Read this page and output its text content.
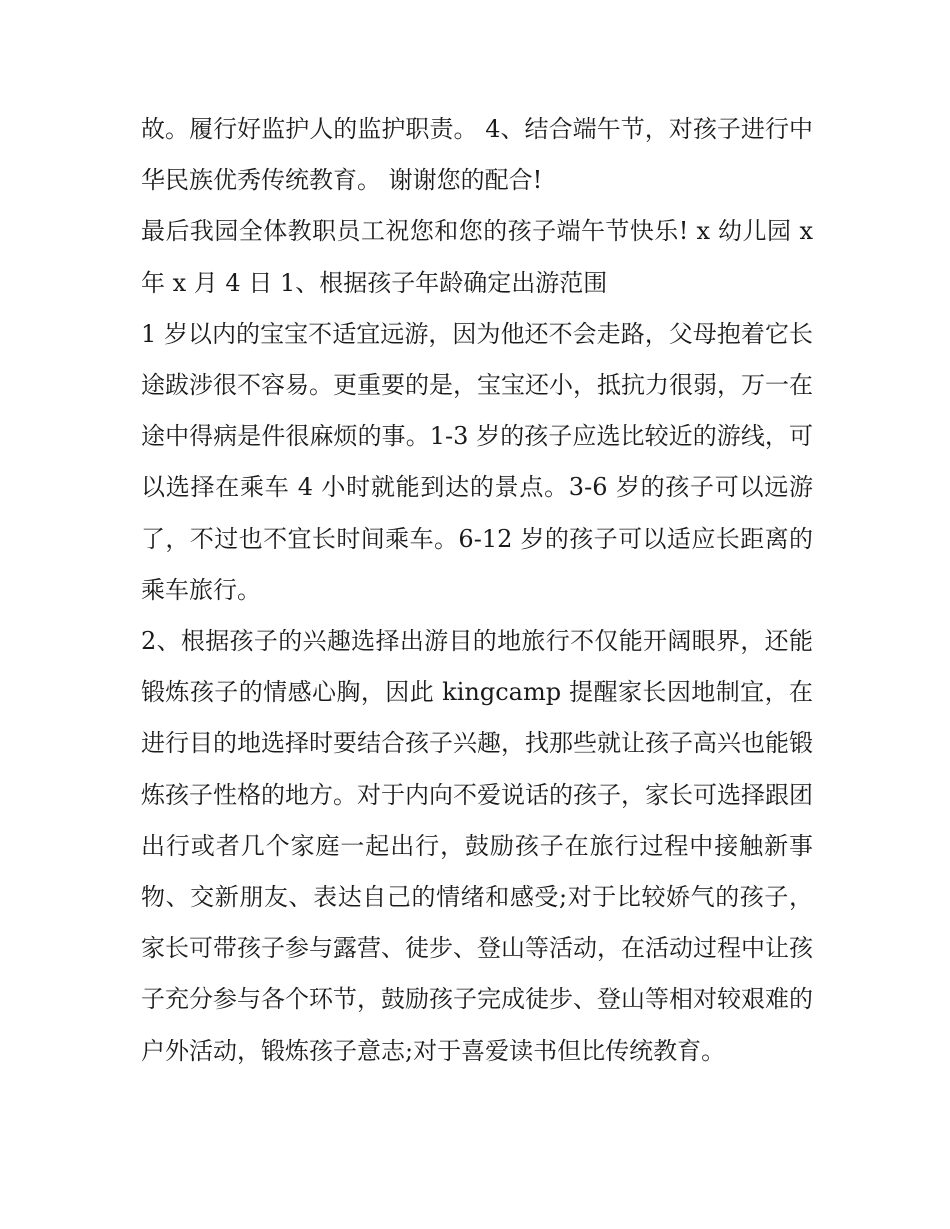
故。履行好监护人的监护职责。 4、结合端午节，对孩子进行中华民族优秀传统教育。 谢谢您的配合!

最后我园全体教职员工祝您和您的孩子端午节快乐! x 幼儿园 x 年 x 月 4 日 1、根据孩子年龄确定出游范围

1 岁以内的宝宝不适宜远游，因为他还不会走路，父母抱着它长途跋涉很不容易。更重要的是，宝宝还小，抵抗力很弱，万一在途中得病是件很麻烦的事。1-3 岁的孩子应选比较近的游线，可以选择在乘车 4 小时就能到达的景点。3-6 岁的孩子可以远游了，不过也不宜长时间乘车。6-12 岁的孩子可以适应长距离的乘车旅行。

2、根据孩子的兴趣选择出游目的地旅行不仅能开阔眼界，还能锻炼孩子的情感心胸，因此 kingcamp 提醒家长因地制宜，在进行目的地选择时要结合孩子兴趣，找那些就让孩子高兴也能锻炼孩子性格的地方。对于内向不爱说话的孩子，家长可选择跟团出行或者几个家庭一起出行，鼓励孩子在旅行过程中接触新事物、交新朋友、表达自己的情绪和感受;对于比较娇气的孩子，家长可带孩子参与露营、徒步、登山等活动，在活动过程中让孩子充分参与各个环节，鼓励孩子完成徒步、登山等相对较艰难的户外活动，锻炼孩子意志;对于喜爱读书但比传统教育。
